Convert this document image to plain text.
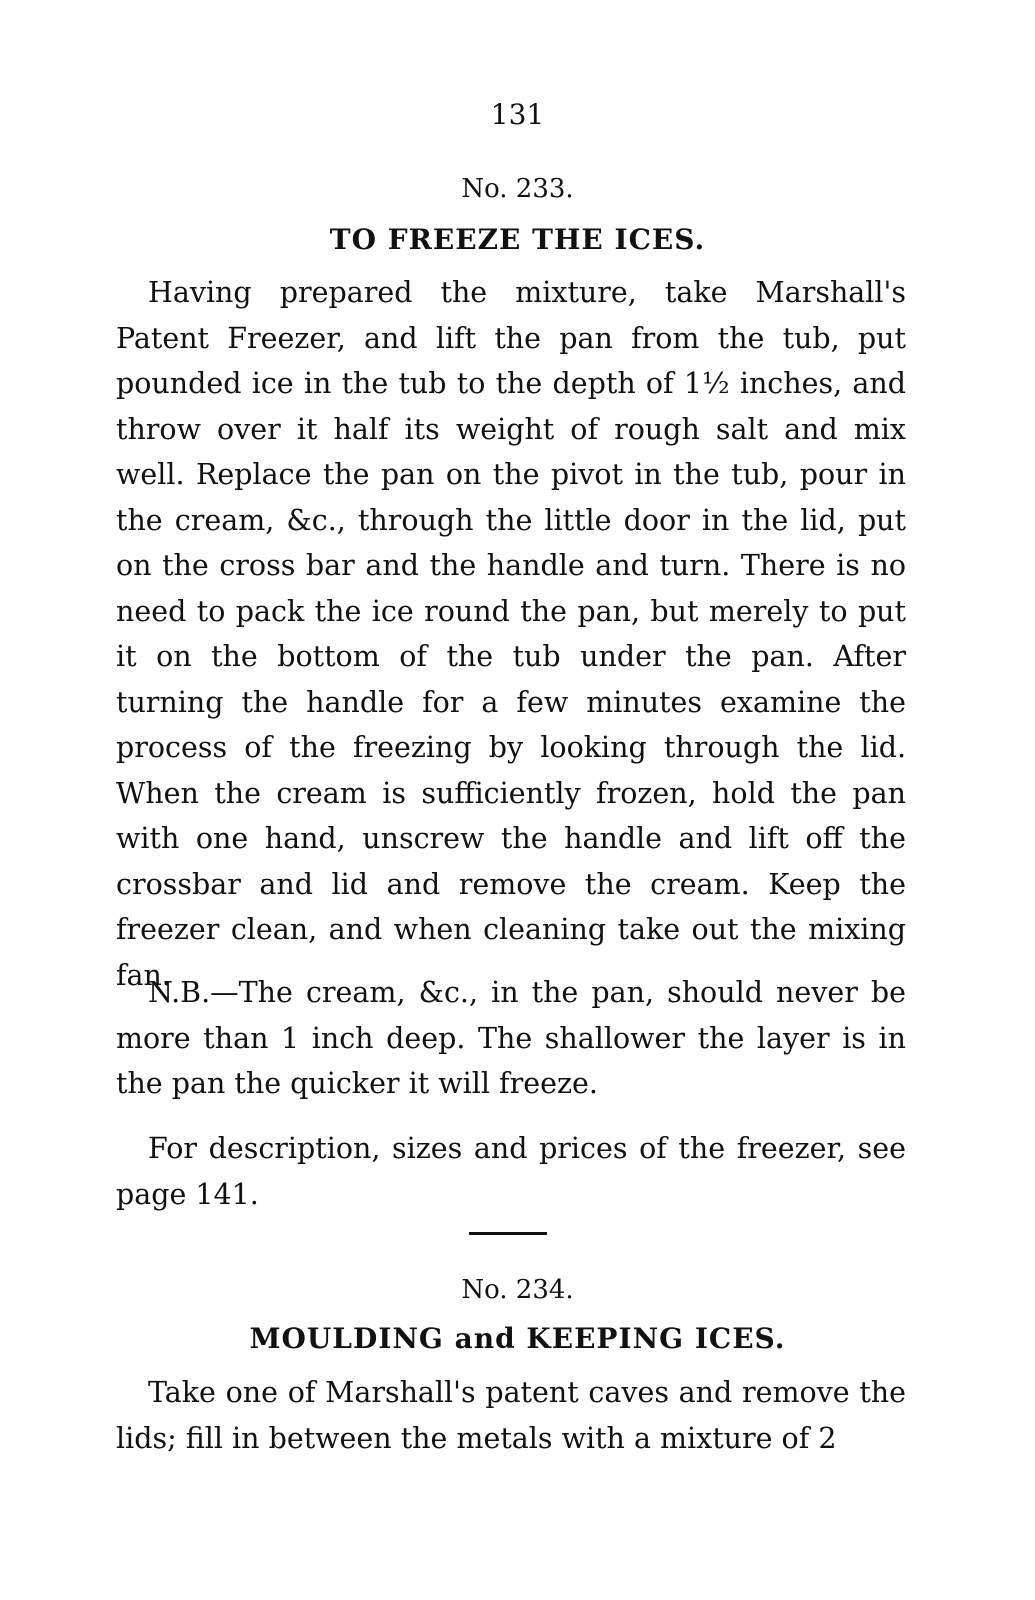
131
No. 233.
TO FREEZE THE ICES.

Having prepared the mixture, take Marshall's Patent Freezer, and lift the pan from the tub, put pounded ice in the tub to the depth of 1½ inches, and throw over it half its weight of rough salt and mix well. Replace the pan on the pivot in the tub, pour in the cream, &c., through the little door in the lid, put on the cross bar and the handle and turn. There is no need to pack the ice round the pan, but merely to put it on the bottom of the tub under the pan. After turning the handle for a few minutes examine the process of the freezing by looking through the lid. When the cream is sufficiently frozen, hold the pan with one hand, unscrew the handle and lift off the crossbar and lid and remove the cream. Keep the freezer clean, and when cleaning take out the mixing fan.

N.B.—The cream, &c., in the pan, should never be more than 1 inch deep. The shallower the layer is in the pan the quicker it will freeze.

For description, sizes and prices of the freezer, see page 141.

No. 234.
MOULDING and KEEPING ICES.

Take one of Marshall's patent caves and remove the lids; fill in between the metals with a mixture of 2
